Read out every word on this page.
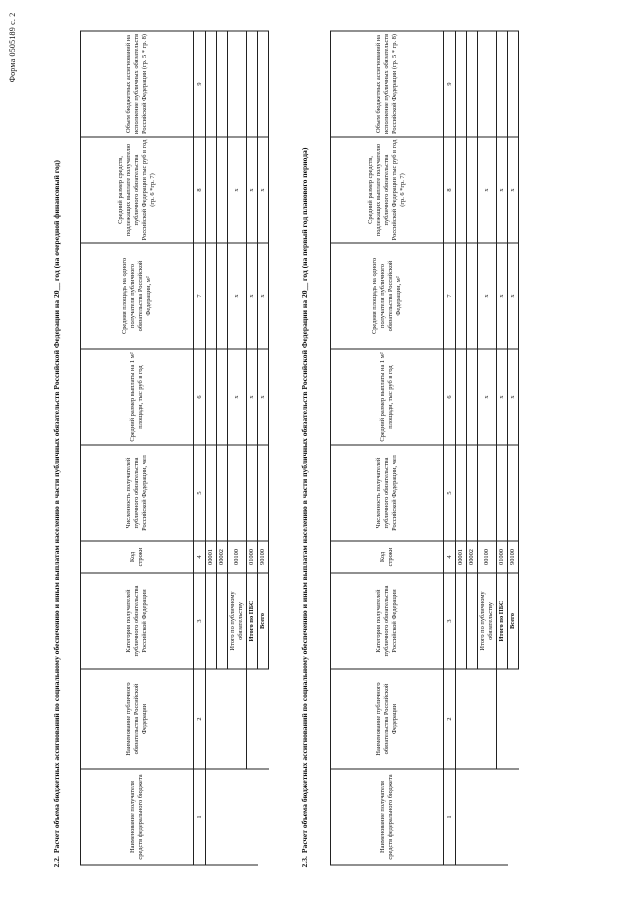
Форма 0505189 с. 2
2.2.Расчет объема бюджетных ассигнований по социальному обеспечению и иным выплатам населению в части публичных обязательств Российской Федерации на 20__ год (на очередной финансовый год)	Наименование получателя средств федерального бюджета	Наименование публичного обязательства Российской Федерации	Категория получателей публичного обязательства Российской Федерации	Код строки	Численность получателей публичного обязательства Российской Федерации, чел	Средний размер выплаты на 1 м² площади, тыс руб в год	Средняя площадь на одного получателя публичного обязательства Российской Федерации, м²	Средний размер средств, подлежащих выплате получателю публичного обязательства Российской Федерации тыс руб в год (гр. 6 *гр. 7)	Объем бюджетных ассигнований на исполнение публичных обязательств Российской Федерации (гр. 5 * гр. 8)
1	2	3	4	5	6	7	8	9
			00001					
			00002					
		Итого по публичному обязательству	00100		x	x	x	
		Итого по ПБС	01000		x	x	x	
		Всего	90100		x	x	x	
2.3.Расчет объема бюджетных ассигнований по социальному обеспечению и иным выплатам населению в части публичных обязательств Российской Федерации на 20__ год (на первый год планового периода)	Наименование получателя средств федерального бюджета	Наименование публичного обязательства Российской Федерации	Категория получателей публичного обязательства Российской Федерации	Код строки	Численность получателей публичного обязательства Российской Федерации, чел	Средний размер выплаты на 1 м² площади, тыс руб в год	Средняя площадь на одного получателя публичного обязательства Российской Федерации, м²	Средний размер средств, подлежащих выплате получателю публичного обязательства Российской Федерации тыс руб в год (гр. 6 *гр. 7)	Объем бюджетных ассигнований на исполнение публичных обязательств Российской Федерации (гр. 5 * гр. 8)
1	2	3	4	5	6	7	8	9
			00001					
			00002					
		Итого по публичному обязательству	00100		x	x	x	
		Итого по ПБС	01000		x	x	x	
		Всего	90100		x	x	x	
